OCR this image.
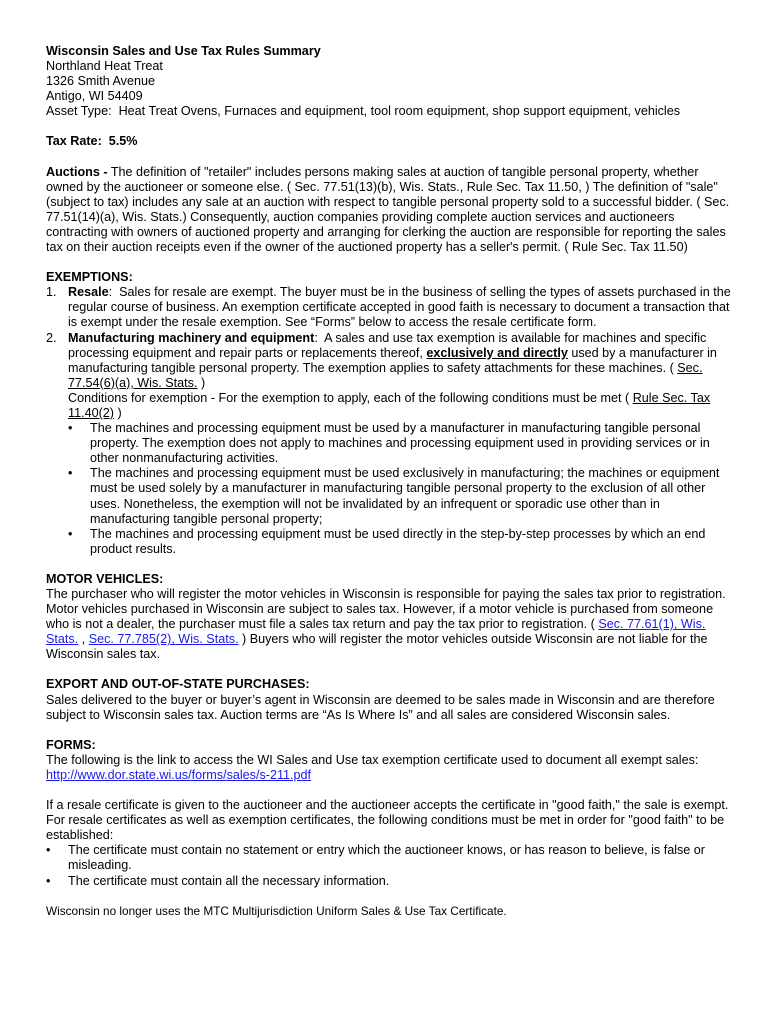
Wisconsin Sales and Use Tax Rules Summary
Northland Heat Treat
1326 Smith Avenue
Antigo, WI 54409
Asset Type: Heat Treat Ovens, Furnaces and equipment, tool room equipment, shop support equipment, vehicles
Tax Rate:  5.5%
Auctions - The definition of "retailer" includes persons making sales at auction of tangible personal property, whether owned by the auctioneer or someone else. ( Sec. 77.51(13)(b), Wis. Stats., Rule Sec. Tax 11.50, ) The definition of "sale" (subject to tax) includes any sale at an auction with respect to tangible personal property sold to a successful bidder. ( Sec. 77.51(14)(a), Wis. Stats.) Consequently, auction companies providing complete auction services and auctioneers contracting with owners of auctioned property and arranging for clerking the auction are responsible for reporting the sales tax on their auction receipts even if the owner of the auctioned property has a seller's permit. ( Rule Sec. Tax 11.50)
EXEMPTIONS:
1. Resale:  Sales for resale are exempt. The buyer must be in the business of selling the types of assets purchased in the regular course of business. An exemption certificate accepted in good faith is necessary to document a transaction that is exempt under the resale exemption. See “Forms” below to access the resale certificate form.
2. Manufacturing machinery and equipment:  A sales and use tax exemption is available for machines and specific processing equipment and repair parts or replacements thereof, exclusively and directly used by a manufacturer in manufacturing tangible personal property. The exemption applies to safety attachments for these machines. ( Sec. 77.54(6)(a), Wis. Stats. )
Conditions for exemption - For the exemption to apply, each of the following conditions must be met ( Rule Sec. Tax 11.40(2) )
• The machines and processing equipment must be used by a manufacturer in manufacturing tangible personal property. The exemption does not apply to machines and processing equipment used in providing services or in other nonmanufacturing activities.
• The machines and processing equipment must be used exclusively in manufacturing; the machines or equipment must be used solely by a manufacturer in manufacturing tangible personal property to the exclusion of all other uses. Nonetheless, the exemption will not be invalidated by an infrequent or sporadic use other than in manufacturing tangible personal property;
• The machines and processing equipment must be used directly in the step-by-step processes by which an end product results.
MOTOR VEHICLES:
The purchaser who will register the motor vehicles in Wisconsin is responsible for paying the sales tax prior to registration. Motor vehicles purchased in Wisconsin are subject to sales tax. However, if a motor vehicle is purchased from someone who is not a dealer, the purchaser must file a sales tax return and pay the tax prior to registration. ( Sec. 77.61(1), Wis. Stats. , Sec. 77.785(2), Wis. Stats. ) Buyers who will register the motor vehicles outside Wisconsin are not liable for the Wisconsin sales tax.
EXPORT AND OUT-OF-STATE PURCHASES:
Sales delivered to the buyer or buyer’s agent in Wisconsin are deemed to be sales made in Wisconsin and are therefore subject to Wisconsin sales tax. Auction terms are “As Is Where Is” and all sales are considered Wisconsin sales.
FORMS:
The following is the link to access the WI Sales and Use tax exemption certificate used to document all exempt sales:
http://www.dor.state.wi.us/forms/sales/s-211.pdf
If a resale certificate is given to the auctioneer and the auctioneer accepts the certificate in "good faith," the sale is exempt. For resale certificates as well as exemption certificates, the following conditions must be met in order for "good faith" to be established:
• The certificate must contain no statement or entry which the auctioneer knows, or has reason to believe, is false or misleading.
• The certificate must contain all the necessary information.
Wisconsin no longer uses the MTC Multijurisdiction Uniform Sales & Use Tax Certificate.
